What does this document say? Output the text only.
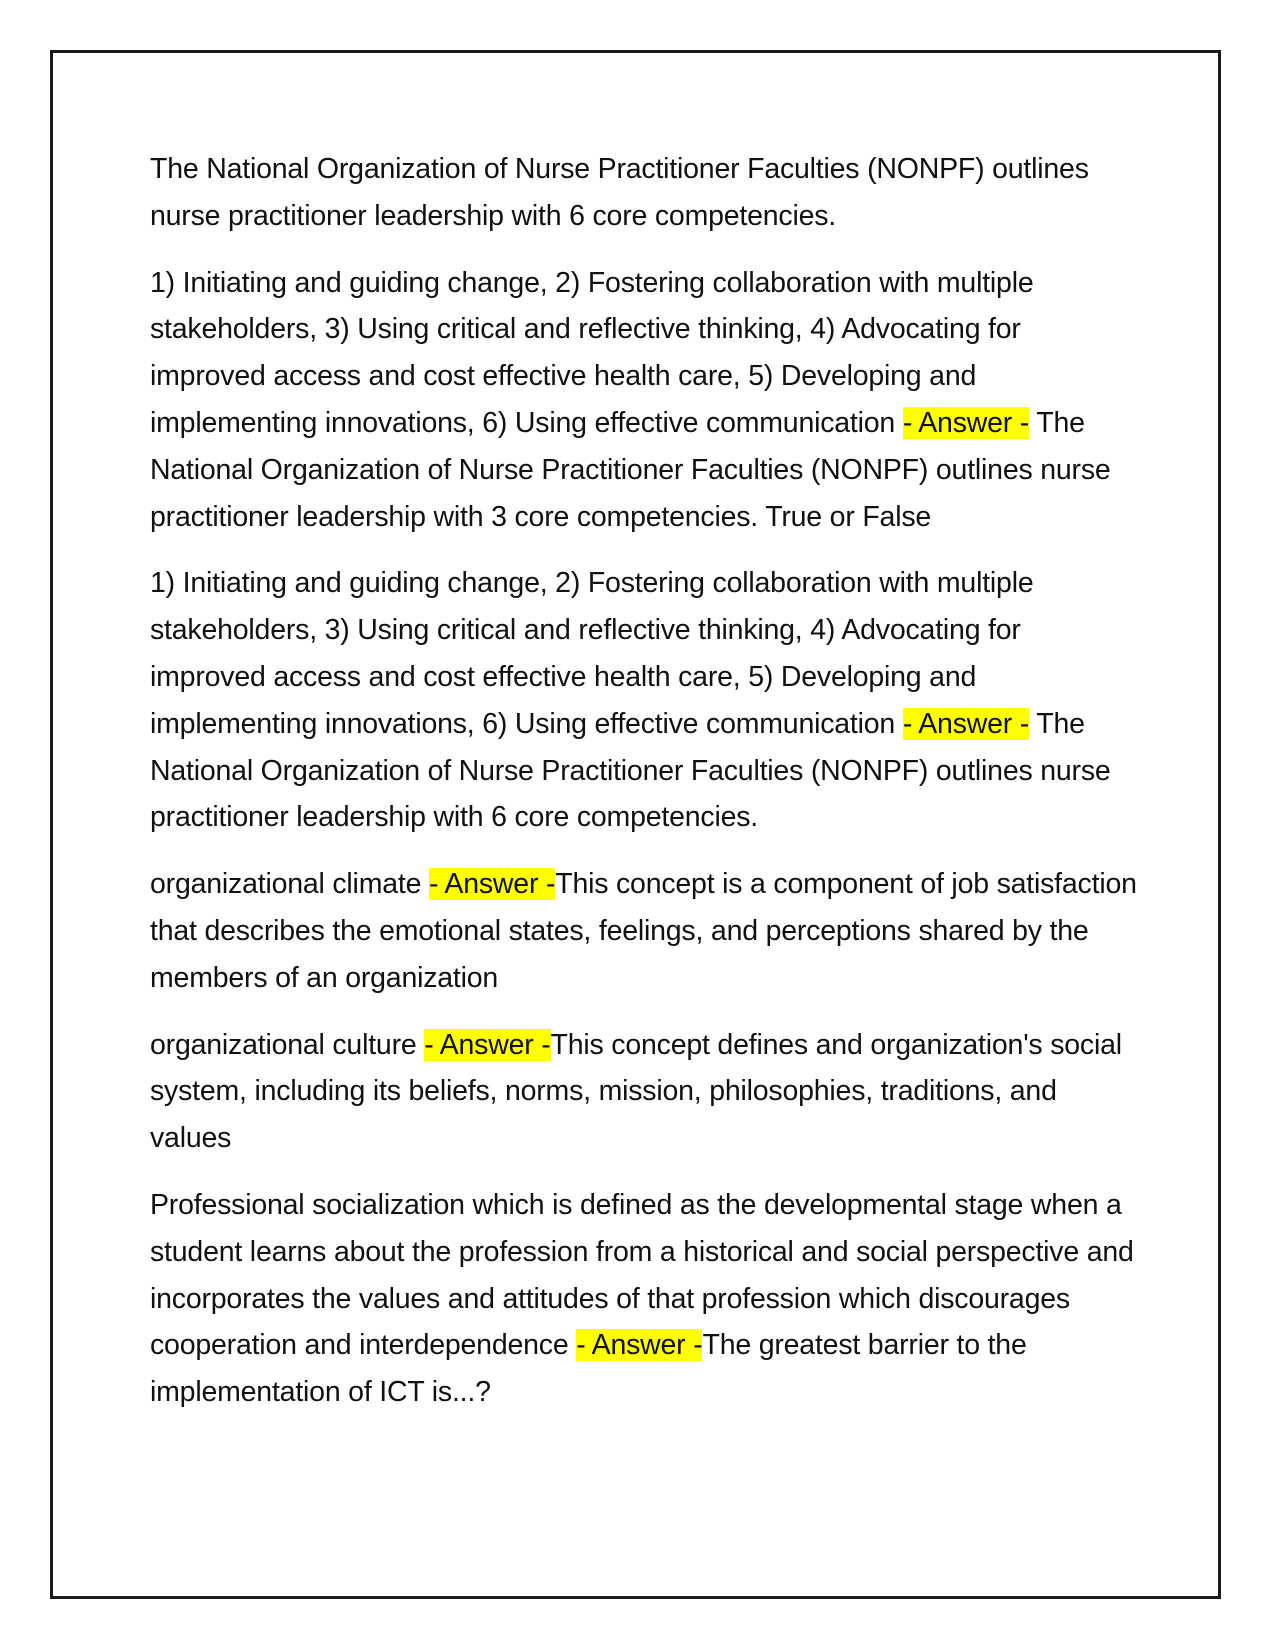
The National Organization of Nurse Practitioner Faculties (NONPF) outlines nurse practitioner leadership with 6 core competencies.

1) Initiating and guiding change, 2) Fostering collaboration with multiple stakeholders, 3) Using critical and reflective thinking, 4) Advocating for improved access and cost effective health care, 5) Developing and implementing innovations, 6) Using effective communication - Answer - The National Organization of Nurse Practitioner Faculties (NONPF) outlines nurse practitioner leadership with 3 core competencies. True or False

1) Initiating and guiding change, 2) Fostering collaboration with multiple stakeholders, 3) Using critical and reflective thinking, 4) Advocating for improved access and cost effective health care, 5) Developing and implementing innovations, 6) Using effective communication - Answer - The National Organization of Nurse Practitioner Faculties (NONPF) outlines nurse practitioner leadership with 6 core competencies.

organizational climate - Answer -This concept is a component of job satisfaction that describes the emotional states, feelings, and perceptions shared by the members of an organization

organizational culture - Answer -This concept defines and organization's social system, including its beliefs, norms, mission, philosophies, traditions, and values

Professional socialization which is defined as the developmental stage when a student learns about the profession from a historical and social perspective and incorporates the values and attitudes of that profession which discourages cooperation and interdependence - Answer -The greatest barrier to the implementation of ICT is...?
